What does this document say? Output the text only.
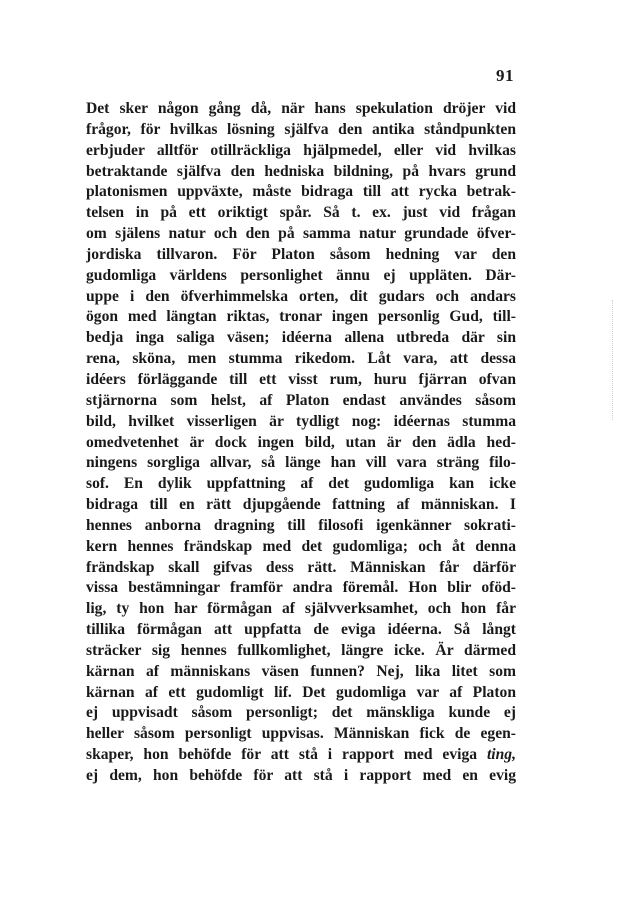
91
Det sker någon gång då, när hans spekulation dröjer vid
frågor, för hvilkas lösning själfva den antika ståndpunkten
erbjuder alltför otillräckliga hjälpmedel, eller vid hvilkas
betraktande själfva den hedniska bildning, på hvars grund
platonismen uppväxte, måste bidraga till att rycka betrak-
telsen in på ett oriktigt spår. Så t. ex. just vid frågan
om själens natur och den på samma natur grundade öfver-
jordiska tillvaron. För Platon såsom hedning var den
gudomliga världens personlighet ännu ej uppläten. Där-
uppe i den öfverhimmelska orten, dit gudars och andars
ögon med längtan riktas, tronar ingen personlig Gud, till-
bedja inga saliga väsen; idéerna allena utbreda där sin
rena, sköna, men stumma rikedom. Låt vara, att dessa
idéers förläggande till ett visst rum, huru fjärran ofvan
stjärnorna som helst, af Platon endast användes såsom
bild, hvilket visserligen är tydligt nog: idéernas stumma
omedvetenhet är dock ingen bild, utan är den ädla hed-
ningens sorgliga allvar, så länge han vill vara sträng filo-
sof. En dylik uppfattning af det gudomliga kan icke
bidraga till en rätt djupgående fattning af människan. I
hennes anborna dragning till filosofi igenkänner sokrati-
kern hennes frändskap med det gudomliga; och åt denna
frändskap skall gifvas dess rätt. Människan får därför
vissa bestämningar framför andra föremål. Hon blir oföd-
lig, ty hon har förmågan af självverksamhet, och hon får
tillika förmågan att uppfatta de eviga idéerna. Så långt
sträcker sig hennes fullkomlighet, längre icke. Är därmed
kärnan af människans väsen funnen? Nej, lika litet som
kärnan af ett gudomligt lif. Det gudomliga var af Platon
ej uppvisadt såsom personligt; det mänskliga kunde ej
heller såsom personligt uppvisas. Människan fick de egen-
skaper, hon behöfde för att stå i rapport med eviga ting,
ej dem, hon behöfde för att stå i rapport med en evig
